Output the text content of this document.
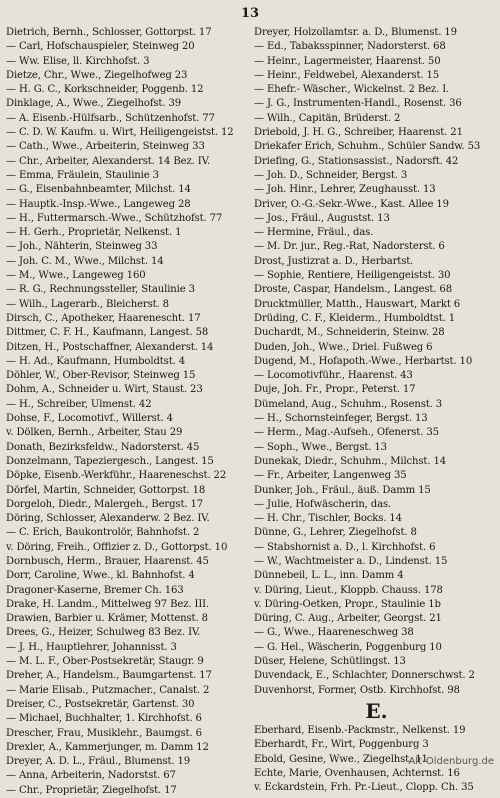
13
Dietrich, Bernh., Schlosser, Gottorpst. 17
— Carl, Hofschauspieler, Steinweg 20
— Ww. Elise, ll. Kirchhofst. 3
Dietze, Chr., Wwe., Ziegelhofweg 23
— H. G. C., Korkschneider, Poggenb. 12
Dinklage, A., Wwe., Ziegelhofst. 39
— A. Eisenb.-Hülfsarb., Schützenhofst. 77
— C. D. W. Kaufm. u. Wirt, Heiligengeistst. 12
— Cath., Wwe., Arbeiterin, Steinweg 33
— Chr., Arbeiter, Alexanderst. 14 Bez. IV.
— Emma, Fräulein, Staulinie 3
— G., Eisenbahnbeamter, Milchst. 14
— Hauptk.-Insp.-Wwe., Langeweg 28
— H., Futtermarsch.-Wwe., Schützhofst. 77
— H. Gerh., Proprietär, Nelkenst. 1
— Joh., Nähterin, Steinweg 33
— Joh. C. M., Wwe., Milchst. 14
— M., Wwe., Langeweg 160
— R. G., Rechnungssteller, Staulinie 3
— Wilh., Lagerarb., Bleicherst. 8
Dirsch, C., Apotheker, Haarenescht. 17
Dittmer, C. F. H., Kaufmann, Langest. 58
Ditzen, H., Postschaffner, Alexanderst. 14
— H. Ad., Kaufmann, Humboldtst. 4
Döhler, W., Ober-Revisor, Steinweg 15
Dohm, A., Schneider u. Wirt, Staust. 23
— H., Schreiber, Ulmenst. 42
Dohse, F., Locomotivf., Willerst. 4
v. Dölken, Bernh., Arbeiter, Stau 29
Donath, Bezirksfeldw., Nadorsterst. 45
Donzelmann, Tapeziergesch., Langest. 15
Döpke, Eisenb.-Werkführ., Haareneschst. 22
Dörfel, Martin, Schneider, Gottorpst. 18
Dorgeloh, Diedr., Malergeh., Bergst. 17
Döring, Schlosser, Alexanderw. 2 Bez. IV.
— C. Erich, Baukontrolör, Bahnhofst. 2
v. Döring, Freih., Offizier z. D., Gottorpst. 10
Dornbusch, Herm., Brauer, Haarenst. 45
Dorr, Caroline, Wwe., kl. Bahnhofst. 4
Dragoner-Kaserne, Bremer Ch. 163
Drake, H. Landm., Mittelweg 97 Bez. III.
Drawien, Barbier u. Krämer, Mottenst. 8
Drees, G., Heizer, Schulweg 83 Bez. IV.
— J. H., Hauptlehrer, Johannisst. 3
— M. L. F., Ober-Postsekretär, Staugr. 9
Dreher, A., Handelsm., Baumgartenst. 17
— Marie Elisab., Putzmacher., Canalst. 2
Dreiser, C., Postsekretär, Gartenst. 30
— Michael, Buchhalter, 1. Kirchhofst. 6
Drescher, Frau, Musiklehr., Baumgst. 6
Drexler, A., Kammerjunger, m. Damm 12
Dreyer, A. D. L., Fräul., Blumenst. 19
— Anna, Arbeiterin, Nadorstst. 67
— Chr., Proprietär, Ziegelhofst. 17
Dreyer, Holzollamtsr. a. D., Blumenst. 19
— Ed., Tabaksspinner, Nadorsterst. 68
— Heinr., Lagermeister, Haarenst. 50
— Heinr., Feldwebel, Alexanderst. 15
— Ehefr.- Wäscher., Wickelnst. 2 Bez. I.
— J. G., Instrumenten-Handl., Rosenst. 36
— Wilh., Capitän, Brüderst. 2
Driebold, J. H. G., Schreiber, Haarenst. 21
Driekafer Erich, Schuhm., Schüler Sandw. 53
Driefing, G., Stationsassist., Nadorsft. 42
— Joh. D., Schneider, Bergst. 3
— Joh. Hinr., Lehrer, Zeughausst. 13
Driver, O.-G.-Sekr.-Wwe., Kast. Allee 19
— Jos., Fräul., Augustst. 13
— Hermine, Fräul., das.
— M. Dr. jur., Reg.-Rat, Nadorsterst. 6
Drost, Justizrat a. D., Herbartst.
— Sophie, Rentiere, Heiligengeistst. 30
Droste, Caspar, Handelsm., Langest. 68
Drucktmüller, Matth., Hauswart, Markt 6
Drüding, C. F., Kleiderm., Humboldtst. 1
Duchardt, M., Schneiderin, Steinw. 28
Duden, Joh., Wwe., Driel. Fußweg 6
Dugend, M., Hofapoth.-Wwe., Herbartst. 10
— Locomotivführ., Haarenst. 43
Duje, Joh. Fr., Propr., Peterst. 17
Dümeland, Aug., Schuhm., Rosenst. 3
— H., Schornsteinfeger, Bergst. 13
— Herm., Mag.-Aufseh., Ofenerst. 35
— Soph., Wwe., Bergst. 13
Dunekak, Diedr., Schuhm., Milchst. 14
— Fr., Arbeiter, Langenweg 35
Dunker, Joh., Fräul., äuß. Damm 15
— Julie, Hofwäscherin, das.
— H. Chr., Tischler, Bocks. 14
Dünne, G., Lehrer, Ziegelhofst. 8
— Stabshornist a. D., l. Kirchhofst. 6
— W., Wachtmeister a. D., Lindenst. 15
Dünnebeil, L. L., inn. Damm 4
v. Düring, Lieut., Kloppb. Chauss. 178
v. Düring-Oetken, Propr., Staulinie 1b
Düring, C. Aug., Arbeiter, Georgst. 21
— G., Wwe., Haareneschweg 38
— G. Hel., Wäscherin, Poggenburg 10
Düser, Helene, Schütlingst. 13
Duvendack, E., Schlachter, Donnerschwst. 2
Duvenhorst, Former, Ostb. Kirchhofst. 98
E.
Eberhard, Eisenb.-Packmstr., Nelkenst. 19
Eberhardt, Fr., Wirt, Poggenburg 3
Ebold, Gesine, Wwe., Ziegelhst. 11
Echte, Marie, Ovenhausen, Achternst. 16
v. Eckardstein, Frh. Pr.-Lieut., Clopp. Ch. 35
Alt-Oldenburg.de
